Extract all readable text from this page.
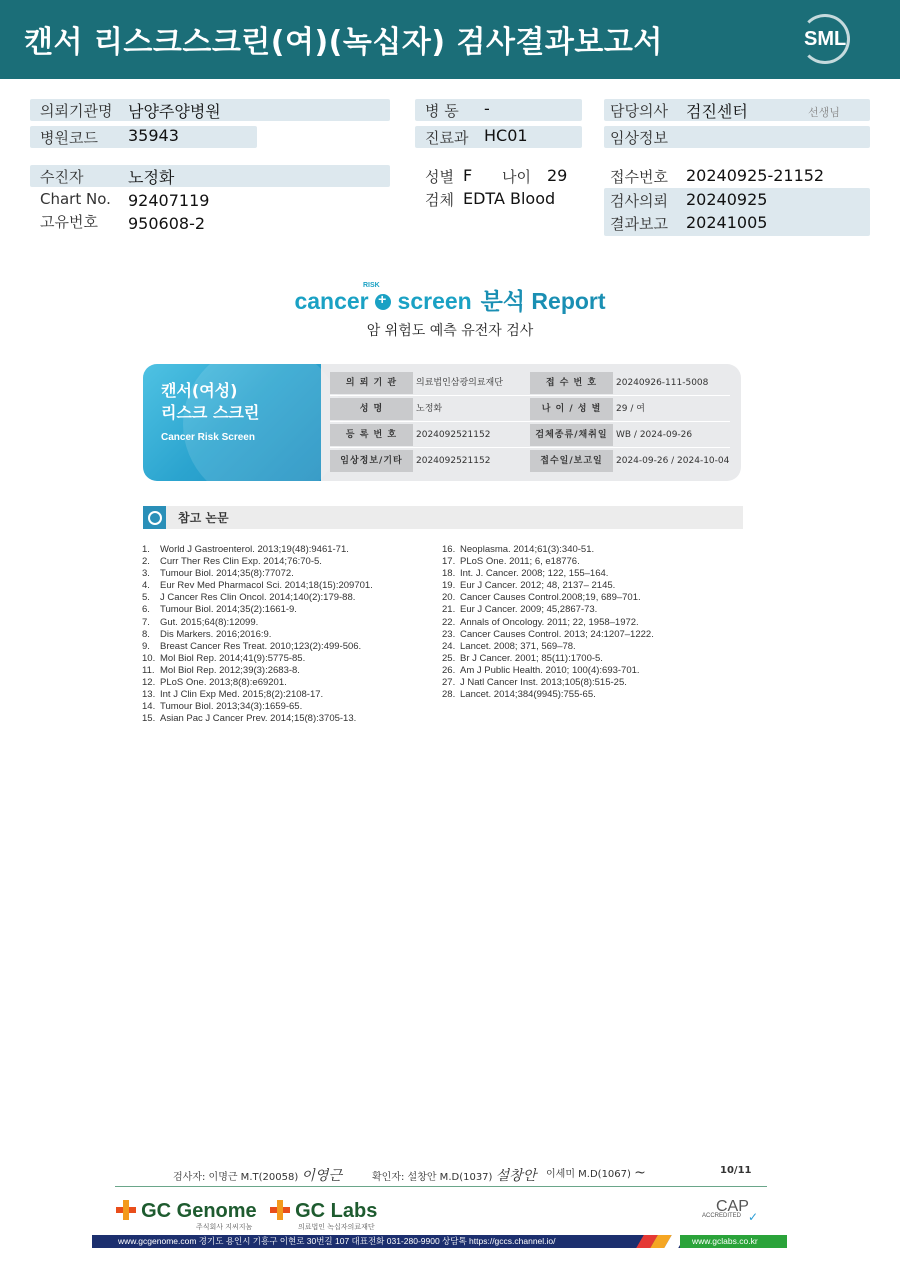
캔서 리스크스크린(여)(녹십자) 검사결과보고서	SML
의뢰기관명 남양주양병원
병원코드 35943
병 동 -
진료과 HC01
담당의사 검진센터	선생님
임상정보
수진자	노정화
Chart No. 92407119
고유번호 950608-2
성별 F 나이 29
검체 EDTA Blood
접수번호 20240925-21152
검사의뢰 20240925
결과보고 20241005
cancer + screen 분석 Report
RISK
암 위험도 예측 유전자 검사
캔서(여성)
리스크 스크린
Cancer Risk Screen
의 뢰 기 관	의료법인삼광의료재단	접 수 번 호	20240926-111-5008
성 명	노정화	나 이 / 성 별	29 / 여
등 록 번 호	2024092521152	검체종류/채취일 WB / 2024-09-26
임상정보/기타	2024092521152	접수일/보고일	2024-09-26 / 2024-10-04
참고 논문
1. World J Gastroenterol. 2013;19(48):9461-71.
2. Curr Ther Res Clin Exp. 2014;76:70-5.
3. Tumour Biol. 2014;35(8):77072.
4. Eur Rev Med Pharmacol Sci. 2014;18(15):209701.
5. J Cancer Res Clin Oncol. 2014;140(2):179-88.
6. Tumour Biol. 2014;35(2):1661-9.
7. Gut. 2015;64(8):12099.
8. Dis Markers. 2016;2016:9.
9. Breast Cancer Res Treat. 2010;123(2):499-506.
10. Mol Biol Rep. 2014;41(9):5775-85.
11. Mol Biol Rep. 2012;39(3):2683-8.
12. PLoS One. 2013;8(8):e69201.
13. Int J Clin Exp Med. 2015;8(2):2108-17.
14. Tumour Biol. 2013;34(3):1659-65.
15. Asian Pac J Cancer Prev. 2014;15(8):3705-13.
16. Neoplasma. 2014;61(3):340-51.
17. PLoS One. 2011; 6, e18776.
18. Int. J. Cancer. 2008; 122, 155–164.
19. Eur J Cancer. 2012; 48, 2137– 2145.
20. Cancer Causes Control.2008;19, 689–701.
21. Eur J Cancer. 2009; 45,2867-73.
22. Annals of Oncology. 2011; 22, 1958–1972.
23. Cancer Causes Control. 2013; 24:1207–1222.
24. Lancet. 2008; 371, 569–78.
25. Br J Cancer. 2001; 85(11):1700-5.
26. Am J Public Health. 2010; 100(4):693-701.
27. J Natl Cancer Inst. 2013;105(8):515-25.
28. Lancet. 2014;384(9945):755-65.
검사자: 이명근 M.T(20058) 이영근	확인자: 설창안 M.D(1037) 설창안 이세미 M.D(1067) ~	10/11
GC Genome
주식회사 지씨지놈
GC Labs
의료법인 녹십자의료재단
CAP
ACCREDITED ✓
www.gcgenome.com 경기도 용인시 기흥구 이현로 30번길 107 대표전화 031-280-9900 상담톡 https://gccs.channel.io/	www.gclabs.co.kr
